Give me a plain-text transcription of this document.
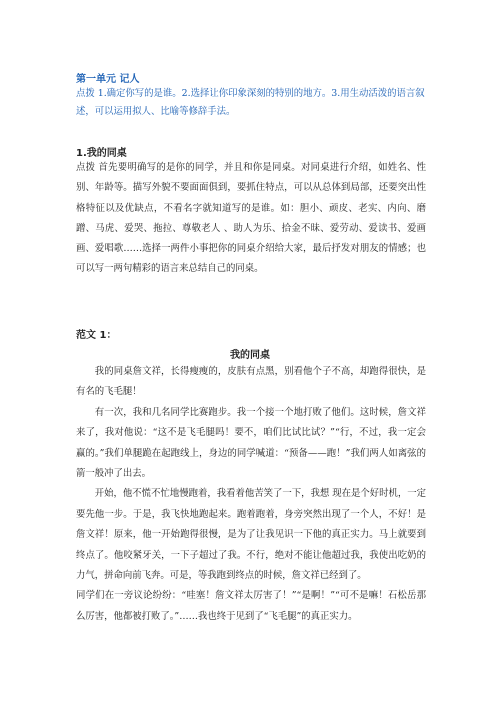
第一单元 记人
点拨 1.确定你写的是谁。2.选择让你印象深刻的特别的地方。3.用生动活泼的语言叙述，可以运用拟人、比喻等修辞手法。
1.我的同桌
点拨 首先要明确写的是你的同学，并且和你是同桌。对同桌进行介绍，如姓名、性别、年龄等。描写外貌不要面面俱到，要抓住特点，可以从总体到局部，还要突出性格特征以及优缺点，不看名字就知道写的是谁。如：胆小、顽皮、老实、内向、磨蹭、马虎、爱哭、拖拉、尊敬老人 、助人为乐、拾金不昧、爱劳动、爱读书、爱画画、爱唱歌……选择一两件小事把你的同桌介绍给大家，最后抒发对朋友的情感；也可以写一两句精彩的语言来总结自己的同桌。
范文 1：
我的同桌

我的同桌詹文祥，长得瘦瘦的，皮肤有点黑，别看他个子不高，却跑得很快，是有名的飞毛腿！

有一次，我和几名同学比赛跑步。我一个接一个地打败了他们。这时候，詹文祥来了，我对他说：“这不是飞毛腿吗！要不，咱们比试比试？”“行，不过，我一定会赢的。”我们单腿跪在起跑线上，身边的同学喊道：“预备——跑！”我们两人如离弦的箭一般冲了出去。

开始，他不慌不忙地慢跑着，我看着他苦笑了一下，我想 现在是个好时机，一定要先他一步。于是，我飞快地跑起来。跑着跑着，身旁突然出现了一个人，不好！是詹文祥！原来，他一开始跑得很慢，是为了让我见识一下他的真正实力。马上就要到终点了。他咬紧牙关，一下子超过了我。不行，绝对不能让他超过我，我使出吃奶的力气，拼命向前飞奔。可是，等我跑到终点的时候，詹文祥已经到了。

同学们在一旁议论纷纷：“哇塞！詹文祥太厉害了！”“是啊！”“可不是嘛！石松岳那么厉害，他都被打败了。”……我也终于见到了“飞毛腿”的真正实力。
